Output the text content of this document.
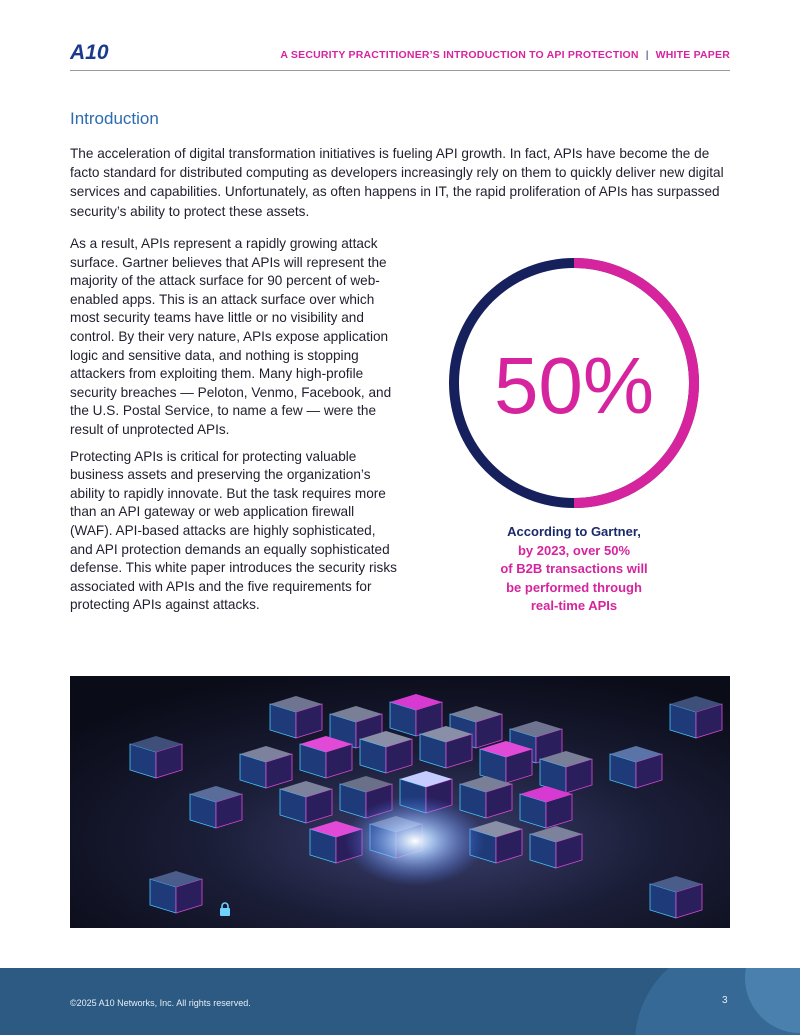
A10	A SECURITY PRACTITIONER’S INTRODUCTION TO API PROTECTION | WHITE PAPER
Introduction

The acceleration of digital transformation initiatives is fueling API growth. In fact, APIs have become the de facto standard for distributed computing as developers increasingly rely on them to quickly deliver new digital services and capabilities. Unfortunately, as often happens in IT, the rapid proliferation of APIs has surpassed security’s ability to protect these assets.

As a result, APIs represent a rapidly growing attack surface. Gartner believes that APIs will represent the majority of the attack surface for 90 percent of web-enabled apps. This is an attack surface over which most security teams have little or no visibility and control. By their very nature, APIs expose application logic and sensitive data, and nothing is stopping attackers from exploiting them. Many high-profile security breaches — Peloton, Venmo, Facebook, and the U.S. Postal Service, to name a few — were the result of unprotected APIs.

Protecting APIs is critical for protecting valuable business assets and preserving the organization’s ability to rapidly innovate. But the task requires more than an API gateway or web application firewall (WAF). API-based attacks are highly sophisticated, and API protection demands an equally sophisticated defense. This white paper introduces the security risks associated with APIs and the five requirements for protecting APIs against attacks.

50%
According to Gartner,
by 2023, over 50%
of B2B transactions will
be performed through
real-time APIs
©2025 A10 Networks, Inc. All rights reserved.	3
